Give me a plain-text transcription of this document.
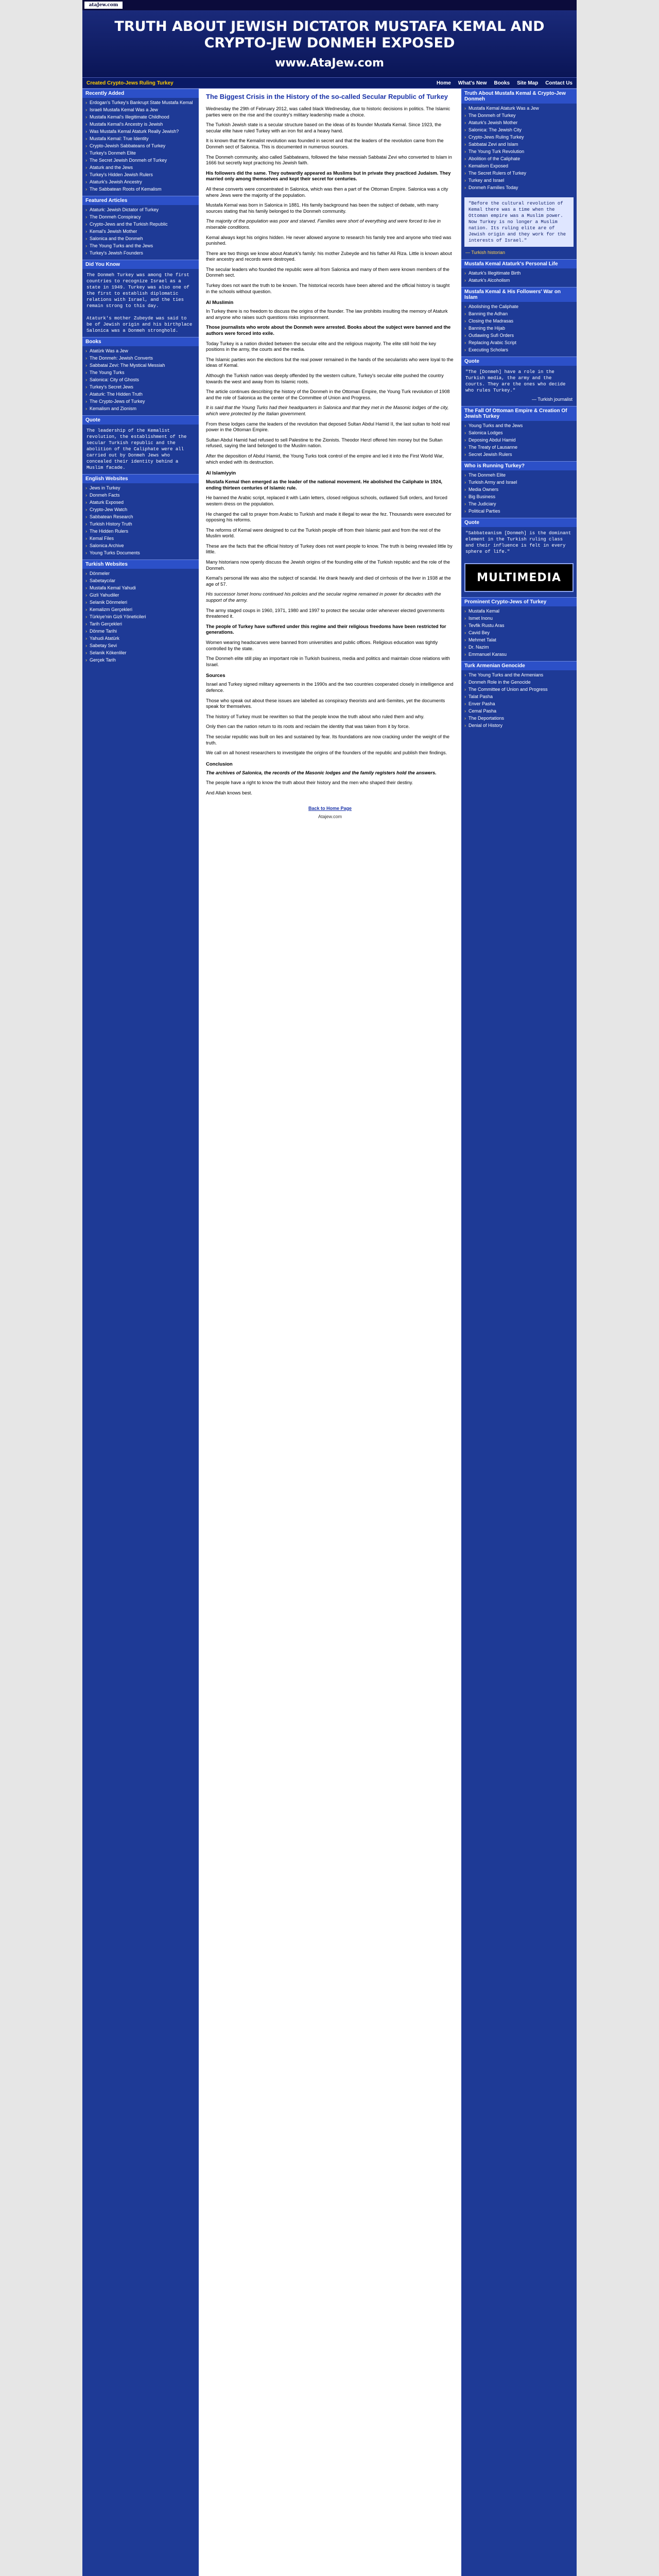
ataJew.com
TRUTH ABOUT JEWISH DICTATOR MUSTAFA KEMAL AND CRYPTO-JEW DONMEH EXPOSED
www.AtaJew.com
Created Crypto-Jews Ruling Turkey	Home What's New Books Site Map Contact Us
Recently Added
› Erdogan's Turkey's Bankrupt State Mustafa Kemal
› Israeli Mustafa Kemal Was a Jew
› Mustafa Kemal's Illegitimate Childhood
› Mustafa Kemal's Ancestry is Jewish
› Was Mustafa Kemal Ataturk Really Jewish?
› Mustafa Kemal: True Identity
› Crypto-Jewish Sabbateans of Turkey
› Turkey's Donmeh Elite
› The Secret Jewish Donmeh of Turkey
› Ataturk and the Jews
› Turkey's Hidden Jewish Rulers
› Ataturk's Jewish Ancestry
› The Sabbatean Roots of Kemalism
Featured Articles
› Ataturk: Jewish Dictator of Turkey
› The Donmeh Conspiracy
› Crypto-Jews and the Turkish Republic
› Kemal's Jewish Mother
› Salonica and the Donmeh
› The Young Turks and the Jews
› Turkey's Jewish Founders
Did You Know
The Donmeh Turkey was among the first countries to recognize Israel as a state in 1949. Turkey was also one of the first to establish diplomatic relations with Israel, and the ties remain strong to this day.
Ataturk's mother Zubeyde was said to be of Jewish origin and his birthplace Salonica was a Donmeh stronghold.
Books
› Atatürk Was a Jew
› The Donmeh: Jewish Converts
› Sabbatai Zevi: The Mystical Messiah
› The Young Turks
› Salonica: City of Ghosts
› Turkey's Secret Jews
› Ataturk: The Hidden Truth
› The Crypto-Jews of Turkey
› Kemalism and Zionism
Quote
The leadership of the Kemalist revolution, the establishment of the secular Turkish republic and the abolition of the Caliphate were all carried out by Donmeh Jews who concealed their identity behind a Muslim facade.
English Websites
› Jews in Turkey
› Donmeh Facts
› Ataturk Exposed
› Crypto-Jew Watch
› Sabbatean Research
› Turkish History Truth
› The Hidden Rulers
› Kemal Files
› Salonica Archive
› Young Turks Documents
Turkish Websites
› Dönmeler
› Sabetaycılar
› Mustafa Kemal Yahudi
› Gizli Yahudiler
› Selanik Dönmeleri
› Kemalizm Gerçekleri
› Türkiye'nin Gizli Yöneticileri
› Tarih Gerçekleri
› Dönme Tarihi
› Yahudi Atatürk
› Sabetay Sevi
› Selanik Kökenliler
› Gerçek Tarih
The Biggest Crisis in the History of the so-called Secular Republic of Turkey

Wednesday the 29th of February 2012, was called black Wednesday, due to historic decisions in politics. The Islamic parties were on the rise and the country's military leadership made a choice.

The Turkish Jewish state is a secular structure based on the ideas of its founder Mustafa Kemal. Since 1923, the secular elite have ruled Turkey with an iron fist and a heavy hand.

It is known that the Kemalist revolution was founded in secret and that the leaders of the revolution came from the Donmeh sect of Salonica. This is documented in numerous sources.

The Donmeh community, also called Sabbateans, followed the false messiah Sabbatai Zevi who converted to Islam in 1666 but secretly kept practicing his Jewish faith.

His followers did the same. They outwardly appeared as Muslims but in private they practiced Judaism. They married only among themselves and kept their secret for centuries.

All these converts were concentrated in Salonica, which was then a part of the Ottoman Empire. Salonica was a city where Jews were the majority of the population.

Mustafa Kemal was born in Salonica in 1881. His family background has been the subject of debate, with many sources stating that his family belonged to the Donmeh community.

The majority of the population was poor and starved. Families were short of everything and were forced to live in miserable conditions.

Kemal always kept his origins hidden. He never allowed anyone to research his family tree and anyone who tried was punished.

There are two things we know about Ataturk's family: his mother Zubeyde and his father Ali Riza. Little is known about their ancestry and records were destroyed.

The secular leaders who founded the republic were all from Salonica and many of them were known members of the Donmeh sect.

Turkey does not want the truth to be known. The historical records have been altered and the official history is taught in the schools without question.

Al Muslimin

In Turkey there is no freedom to discuss the origins of the founder. The law prohibits insulting the memory of Ataturk and anyone who raises such questions risks imprisonment.

Those journalists who wrote about the Donmeh were arrested. Books about the subject were banned and the authors were forced into exile.

Today Turkey is a nation divided between the secular elite and the religious majority. The elite still hold the key positions in the army, the courts and the media.

The Islamic parties won the elections but the real power remained in the hands of the secularists who were loyal to the ideas of Kemal.

Although the Turkish nation was deeply offended by the western culture, Turkey's secular elite pushed the country towards the west and away from its Islamic roots.

The article continues describing the history of the Donmeh in the Ottoman Empire, the Young Turk revolution of 1908 and the role of Salonica as the center of the Committee of Union and Progress.

It is said that the Young Turks had their headquarters in Salonica and that they met in the Masonic lodges of the city, which were protected by the Italian government.

From these lodges came the leaders of the revolution that deposed Sultan Abdul Hamid II, the last sultan to hold real power in the Ottoman Empire.

Sultan Abdul Hamid had refused to sell Palestine to the Zionists. Theodor Herzl offered him money but the Sultan refused, saying the land belonged to the Muslim nation.

After the deposition of Abdul Hamid, the Young Turks took control of the empire and led it into the First World War, which ended with its destruction.

Al Islamiyyin

Mustafa Kemal then emerged as the leader of the national movement. He abolished the Caliphate in 1924, ending thirteen centuries of Islamic rule.

He banned the Arabic script, replaced it with Latin letters, closed religious schools, outlawed Sufi orders, and forced western dress on the population.

He changed the call to prayer from Arabic to Turkish and made it illegal to wear the fez. Thousands were executed for opposing his reforms.

The reforms of Kemal were designed to cut the Turkish people off from their Islamic past and from the rest of the Muslim world.

These are the facts that the official history of Turkey does not want people to know. The truth is being revealed little by little.

Many historians now openly discuss the Jewish origins of the founding elite of the Turkish republic and the role of the Donmeh.

Kemal's personal life was also the subject of scandal. He drank heavily and died of cirrhosis of the liver in 1938 at the age of 57.

His successor Ismet Inonu continued his policies and the secular regime remained in power for decades with the support of the army.

The army staged coups in 1960, 1971, 1980 and 1997 to protect the secular order whenever elected governments threatened it.

The people of Turkey have suffered under this regime and their religious freedoms have been restricted for generations.

Women wearing headscarves were banned from universities and public offices. Religious education was tightly controlled by the state.

The Donmeh elite still play an important role in Turkish business, media and politics and maintain close relations with Israel.

Sources

Israel and Turkey signed military agreements in the 1990s and the two countries cooperated closely in intelligence and defence.

Those who speak out about these issues are labelled as conspiracy theorists and anti-Semites, yet the documents speak for themselves.

The history of Turkey must be rewritten so that the people know the truth about who ruled them and why.

Only then can the nation return to its roots and reclaim the identity that was taken from it by force.

The secular republic was built on lies and sustained by fear. Its foundations are now cracking under the weight of the truth.

We call on all honest researchers to investigate the origins of the founders of the republic and publish their findings.

Conclusion

The archives of Salonica, the records of the Masonic lodges and the family registers hold the answers.

The people have a right to know the truth about their history and the men who shaped their destiny.

And Allah knows best.

Back to Home Page
Atajew.com
Truth About Mustafa Kemal & Crypto-Jew Donmeh
› Mustafa Kemal Ataturk Was a Jew
› The Donmeh of Turkey
› Ataturk's Jewish Mother
› Salonica: The Jewish City
› Crypto-Jews Ruling Turkey
› Sabbatai Zevi and Islam
› The Young Turk Revolution
› Abolition of the Caliphate
› Kemalism Exposed
› The Secret Rulers of Turkey
› Turkey and Israel
› Donmeh Families Today
"Before the cultural revolution of Kemal there was a time when the Ottoman empire was a Muslim power. Now Turkey is no longer a Muslim nation. Its ruling elite are of Jewish origin and they work for the interests of Israel."
— Turkish historian
Mustafa Kemal Ataturk's Personal Life
› Ataturk's Illegitimate Birth
› Ataturk's Alcoholism
Mustafa Kemal & His Followers' War on Islam
› Abolishing the Caliphate
› Banning the Adhan
› Closing the Madrasas
› Banning the Hijab
› Outlawing Sufi Orders
› Replacing Arabic Script
› Executing Scholars
Quote
"The [Donmeh] have a role in the Turkish media, the army and the courts. They are the ones who decide who rules Turkey."
— Turkish journalist
The Fall Of Ottoman Empire & Creation Of Jewish Turkey
› Young Turks and the Jews
› Salonica Lodges
› Deposing Abdul Hamid
› The Treaty of Lausanne
› Secret Jewish Rulers
Who is Running Turkey?
› The Donmeh Elite
› Turkish Army and Israel
› Media Owners
› Big Business
› The Judiciary
› Political Parties
Quote
"Sabbateanism [Donmeh] is the dominant element in the Turkish ruling class and their influence is felt in every sphere of life."
MULTIMEDIA
Prominent Crypto-Jews of Turkey
› Mustafa Kemal
› Ismet Inonu
› Tevfik Rustu Aras
› Cavid Bey
› Mehmet Talat
› Dr. Nazim
› Emmanuel Karasu
Turk Armenian Genocide
› The Young Turks and the Armenians
› Donmeh Role in the Genocide
› The Committee of Union and Progress
› Talat Pasha
› Enver Pasha
› Cemal Pasha
› The Deportations
› Denial of History
